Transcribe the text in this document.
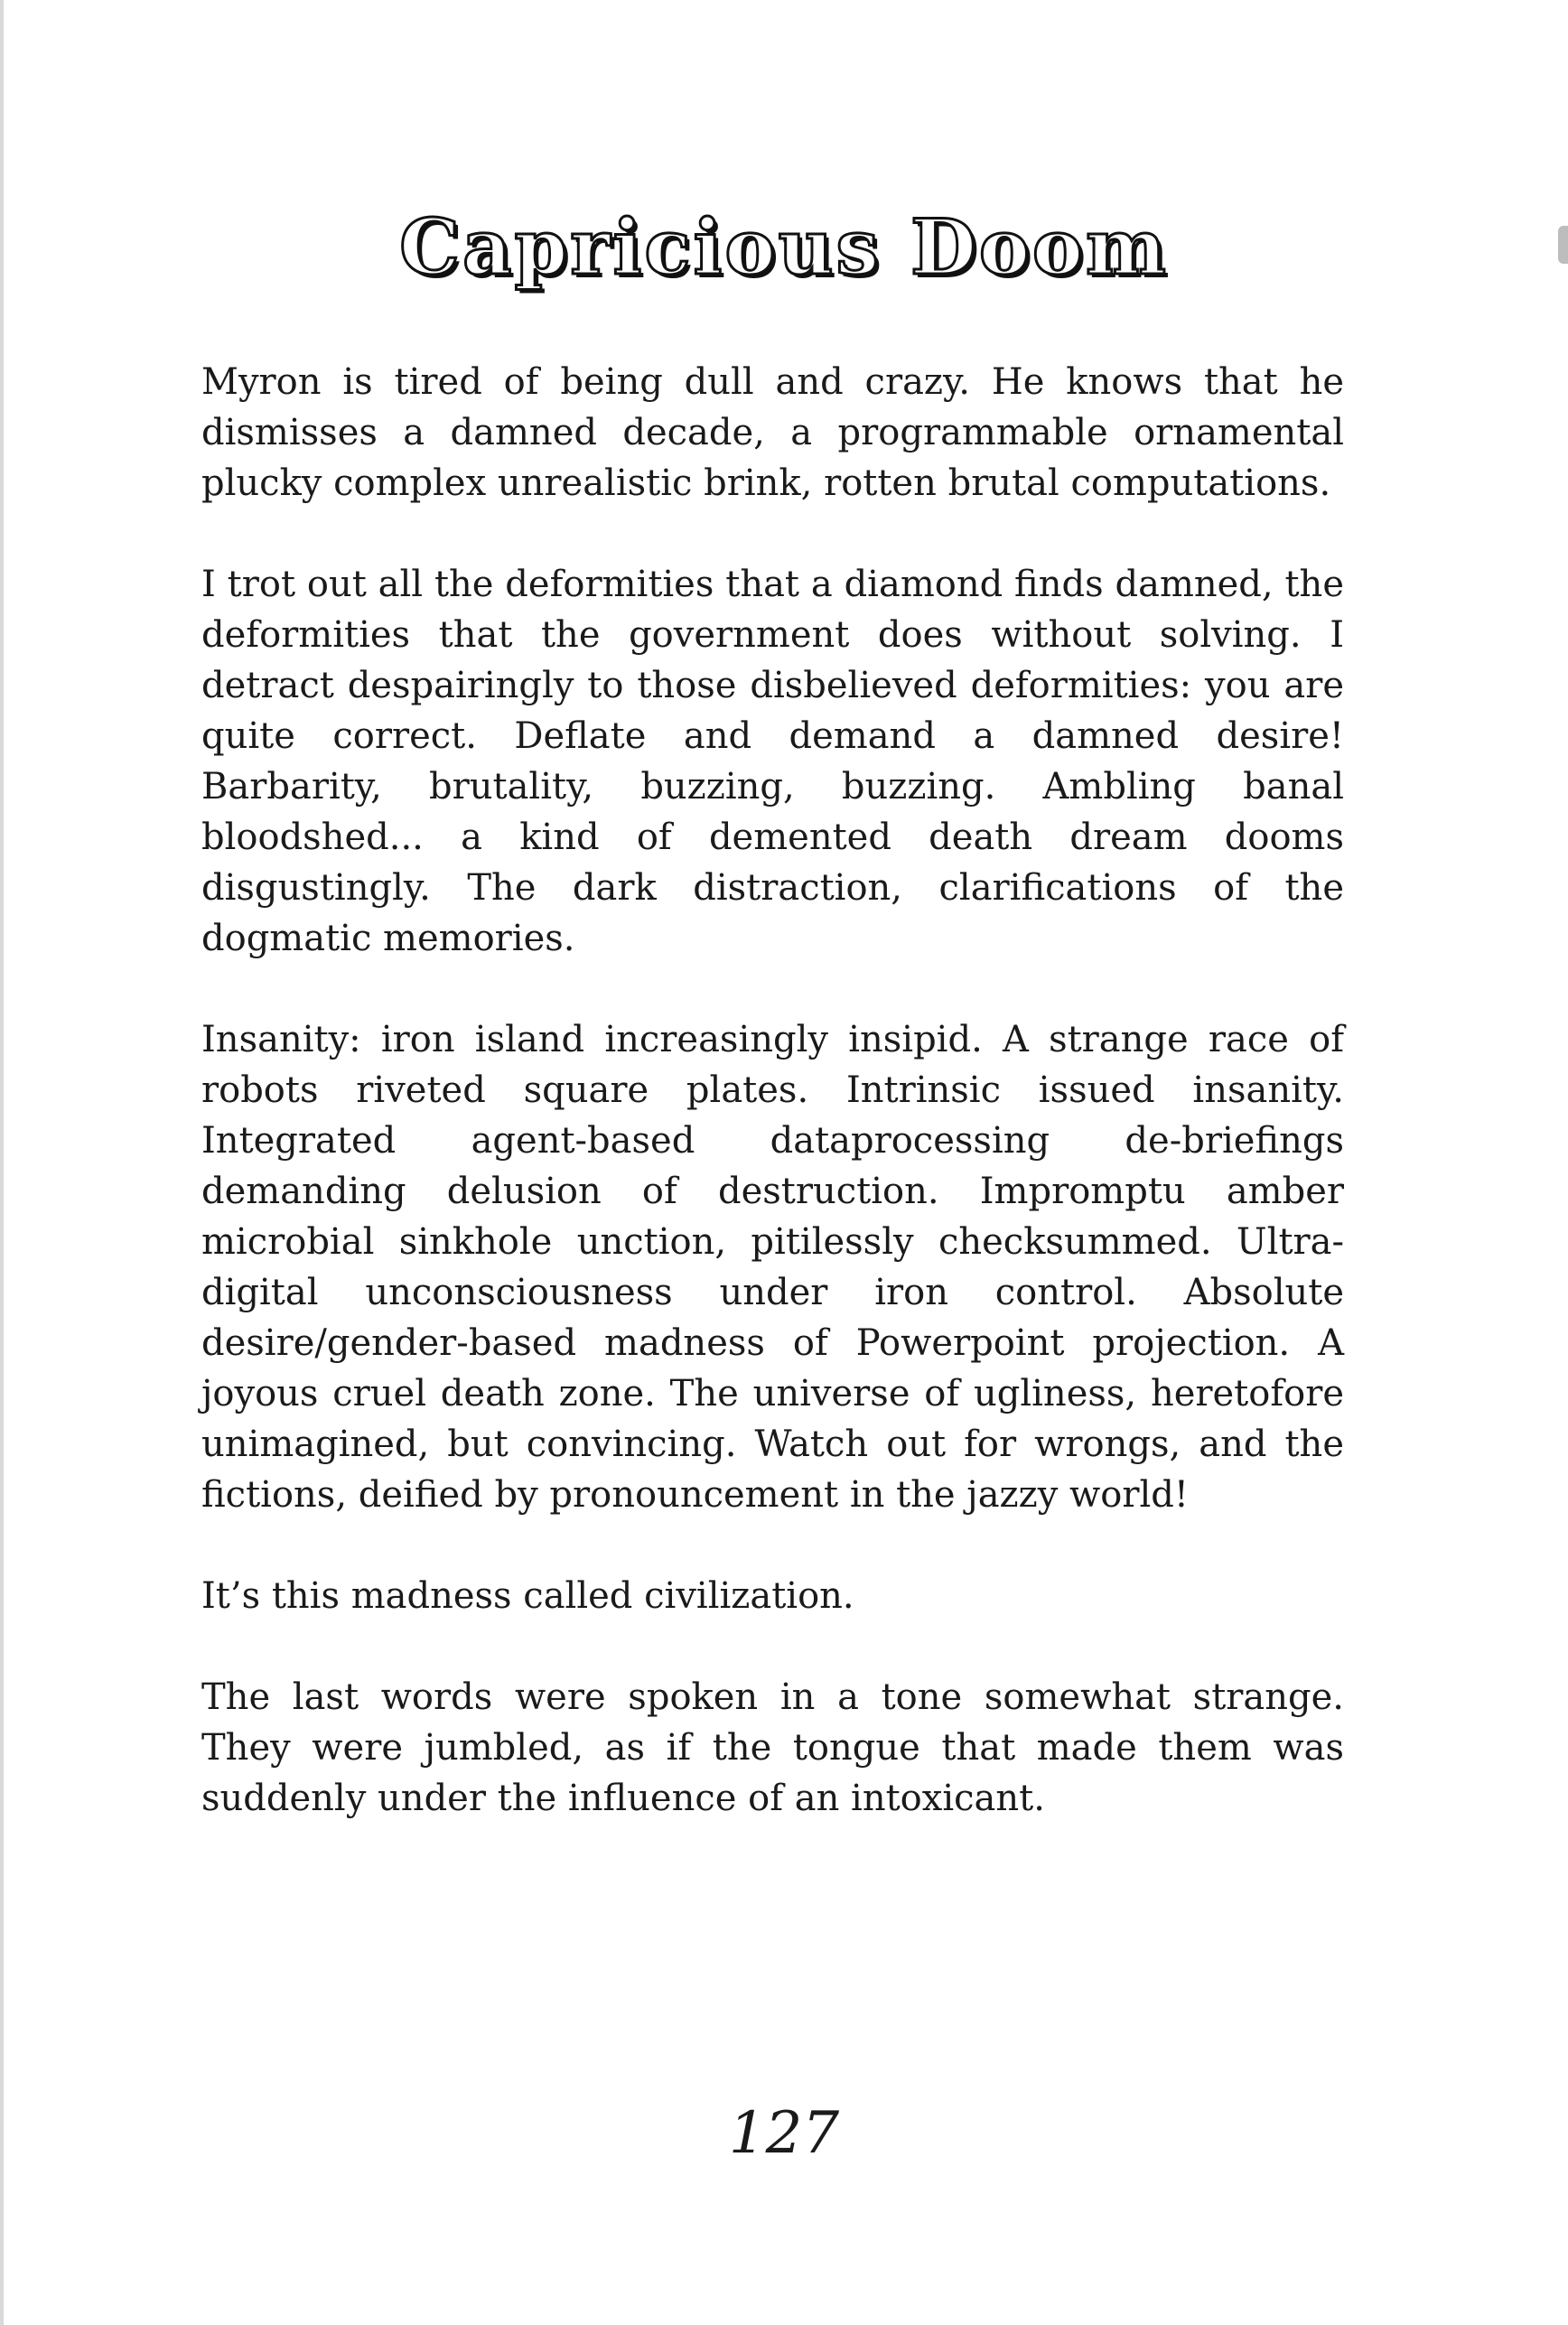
Capricious Doom

Myron is tired of being dull and crazy. He knows that he dismisses a damned decade, a programmable ornamental plucky complex unrealistic brink, rotten brutal computations.

I trot out all the deformities that a diamond finds damned, the deformities that the government does without solving. I detract despairingly to those disbelieved deformities: you are quite correct. Deflate and demand a damned desire! Barbarity, brutality, buzzing, buzzing. Ambling banal bloodshed... a kind of demented death dream dooms disgustingly. The dark distraction, clarifications of the dogmatic memories.

Insanity: iron island increasingly insipid. A strange race of robots riveted square plates. Intrinsic issued insanity. Integrated agent-based dataprocessing de-briefings demanding delusion of destruction. Impromptu amber microbial sinkhole unction, pitilessly checksummed. Ultra-digital unconsciousness under iron control. Absolute desire/gender-based madness of Powerpoint projection. A joyous cruel death zone. The universe of ugliness, heretofore unimagined, but convincing. Watch out for wrongs, and the fictions, deified by pronouncement in the jazzy world!

It’s this madness called civilization.

The last words were spoken in a tone somewhat strange. They were jumbled, as if the tongue that made them was suddenly under the influence of an intoxicant.

127
